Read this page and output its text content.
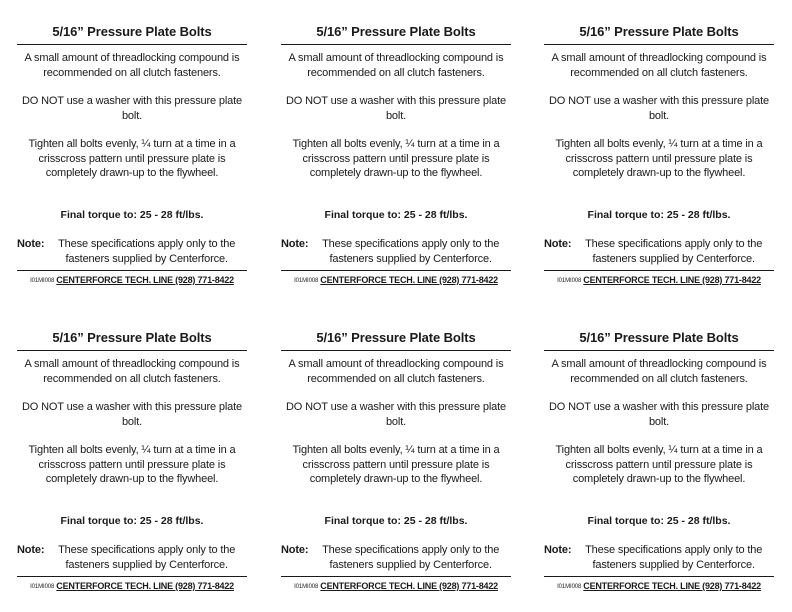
5/16” Pressure Plate Bolts
A small amount of threadlocking compound is recommended on all clutch fasteners.
DO NOT use a washer with this pressure plate bolt.
Tighten all bolts evenly, ¼ turn at a time in a crisscross pattern until pressure plate is completely drawn-up to the flywheel.
Final torque to: 25 - 28 ft/lbs.
Note:	These specifications apply only to the fasteners supplied by Centerforce.
I01MI008 CENTERFORCE TECH. LINE (928) 771-8422
5/16” Pressure Plate Bolts
A small amount of threadlocking compound is recommended on all clutch fasteners.
DO NOT use a washer with this pressure plate bolt.
Tighten all bolts evenly, ¼ turn at a time in a crisscross pattern until pressure plate is completely drawn-up to the flywheel.
Final torque to: 25 - 28 ft/lbs.
Note:	These specifications apply only to the fasteners supplied by Centerforce.
I01MI008 CENTERFORCE TECH. LINE (928) 771-8422
5/16” Pressure Plate Bolts
A small amount of threadlocking compound is recommended on all clutch fasteners.
DO NOT use a washer with this pressure plate bolt.
Tighten all bolts evenly, ¼ turn at a time in a crisscross pattern until pressure plate is completely drawn-up to the flywheel.
Final torque to: 25 - 28 ft/lbs.
Note:	These specifications apply only to the fasteners supplied by Centerforce.
I01MI008 CENTERFORCE TECH. LINE (928) 771-8422
5/16” Pressure Plate Bolts
A small amount of threadlocking compound is recommended on all clutch fasteners.
DO NOT use a washer with this pressure plate bolt.
Tighten all bolts evenly, ¼ turn at a time in a crisscross pattern until pressure plate is completely drawn-up to the flywheel.
Final torque to: 25 - 28 ft/lbs.
Note:	These specifications apply only to the fasteners supplied by Centerforce.
I01MI008 CENTERFORCE TECH. LINE (928) 771-8422
5/16” Pressure Plate Bolts
A small amount of threadlocking compound is recommended on all clutch fasteners.
DO NOT use a washer with this pressure plate bolt.
Tighten all bolts evenly, ¼ turn at a time in a crisscross pattern until pressure plate is completely drawn-up to the flywheel.
Final torque to: 25 - 28 ft/lbs.
Note:	These specifications apply only to the fasteners supplied by Centerforce.
I01MI008 CENTERFORCE TECH. LINE (928) 771-8422
5/16” Pressure Plate Bolts
A small amount of threadlocking compound is recommended on all clutch fasteners.
DO NOT use a washer with this pressure plate bolt.
Tighten all bolts evenly, ¼ turn at a time in a crisscross pattern until pressure plate is completely drawn-up to the flywheel.
Final torque to: 25 - 28 ft/lbs.
Note:	These specifications apply only to the fasteners supplied by Centerforce.
I01MI008 CENTERFORCE TECH. LINE (928) 771-8422
